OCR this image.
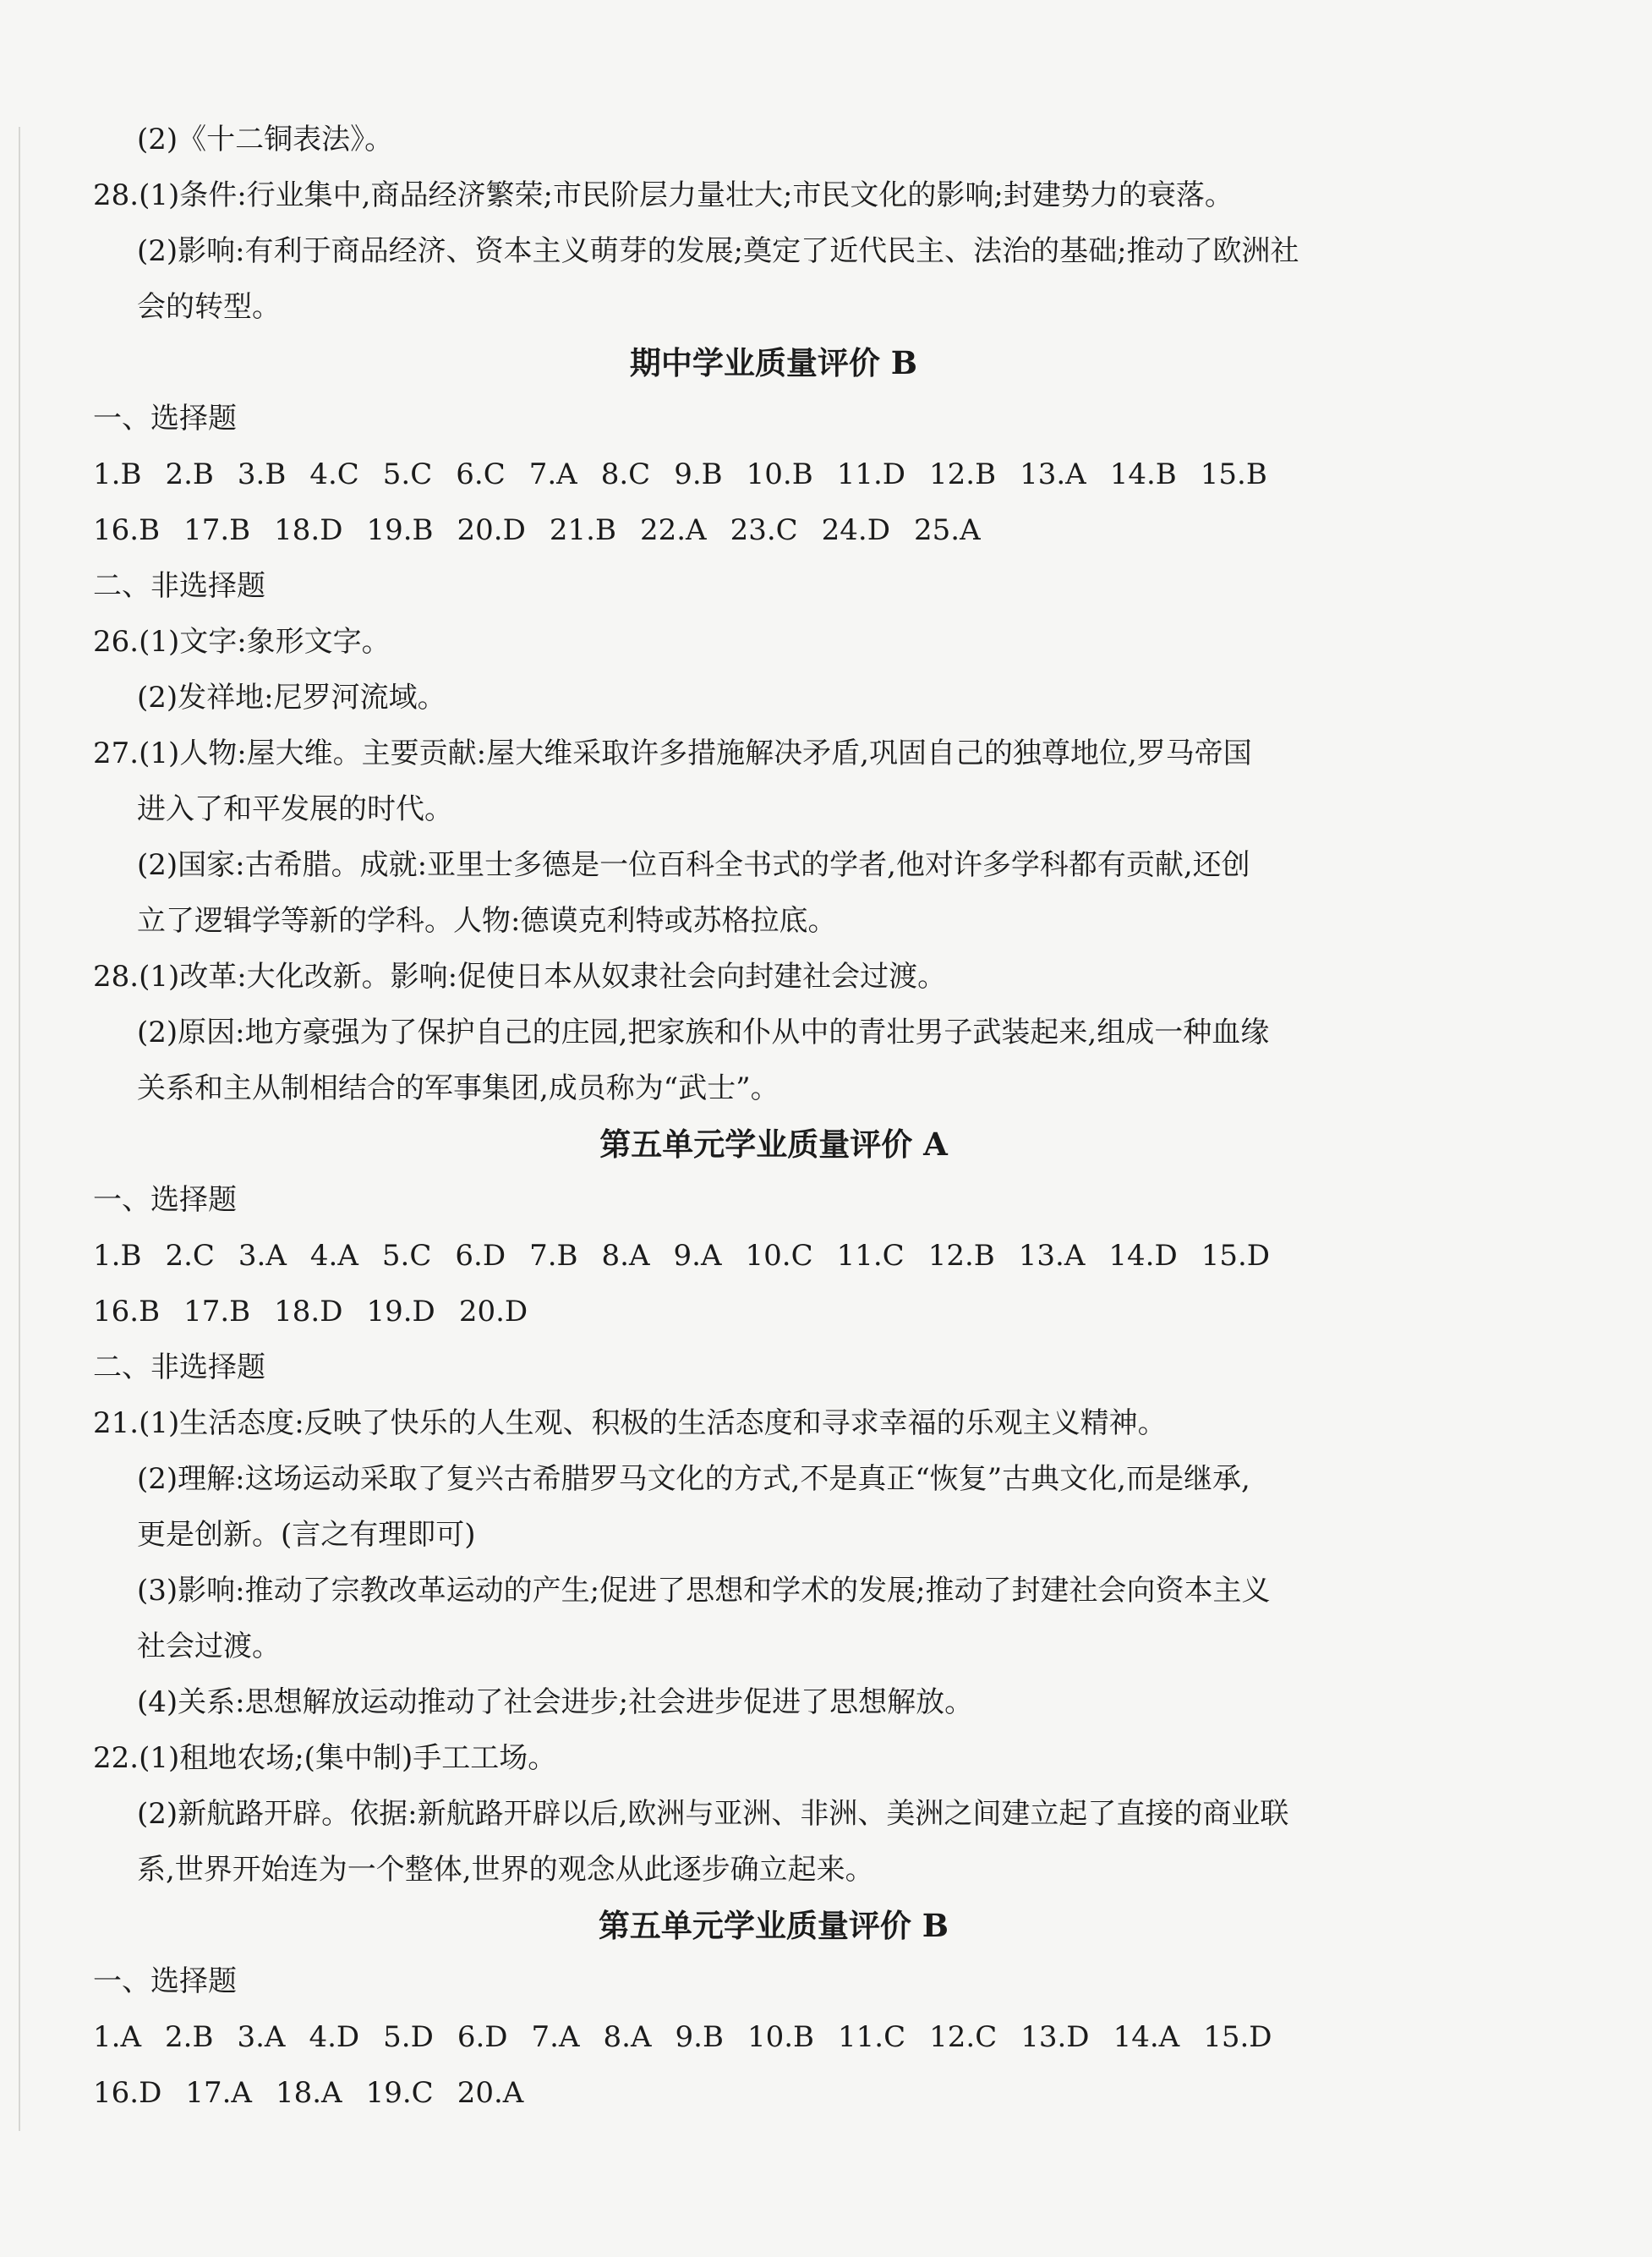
(2)《十二铜表法》。
28.(1)条件:行业集中,商品经济繁荣;市民阶层力量壮大;市民文化的影响;封建势力的衰落。
(2)影响:有利于商品经济、资本主义萌芽的发展;奠定了近代民主、法治的基础;推动了欧洲社
会的转型。
期中学业质量评价 B
一、选择题
1.B 2.B 3.B 4.C 5.C 6.C 7.A 8.C 9.B 10.B 11.D 12.B 13.A 14.B 15.B
16.B 17.B 18.D 19.B 20.D 21.B 22.A 23.C 24.D 25.A
二、非选择题
26.(1)文字:象形文字。
(2)发祥地:尼罗河流域。
27.(1)人物:屋大维。主要贡献:屋大维采取许多措施解决矛盾,巩固自己的独尊地位,罗马帝国
进入了和平发展的时代。
(2)国家:古希腊。成就:亚里士多德是一位百科全书式的学者,他对许多学科都有贡献,还创
立了逻辑学等新的学科。人物:德谟克利特或苏格拉底。
28.(1)改革:大化改新。影响:促使日本从奴隶社会向封建社会过渡。
(2)原因:地方豪强为了保护自己的庄园,把家族和仆从中的青壮男子武装起来,组成一种血缘
关系和主从制相结合的军事集团,成员称为“武士”。
第五单元学业质量评价 A
一、选择题
1.B 2.C 3.A 4.A 5.C 6.D 7.B 8.A 9.A 10.C 11.C 12.B 13.A 14.D 15.D
16.B 17.B 18.D 19.D 20.D
二、非选择题
21.(1)生活态度:反映了快乐的人生观、积极的生活态度和寻求幸福的乐观主义精神。
(2)理解:这场运动采取了复兴古希腊罗马文化的方式,不是真正“恢复”古典文化,而是继承,
更是创新。(言之有理即可)
(3)影响:推动了宗教改革运动的产生;促进了思想和学术的发展;推动了封建社会向资本主义
社会过渡。
(4)关系:思想解放运动推动了社会进步;社会进步促进了思想解放。
22.(1)租地农场;(集中制)手工工场。
(2)新航路开辟。依据:新航路开辟以后,欧洲与亚洲、非洲、美洲之间建立起了直接的商业联
系,世界开始连为一个整体,世界的观念从此逐步确立起来。
第五单元学业质量评价 B
一、选择题
1.A 2.B 3.A 4.D 5.D 6.D 7.A 8.A 9.B 10.B 11.C 12.C 13.D 14.A 15.D
16.D 17.A 18.A 19.C 20.A
